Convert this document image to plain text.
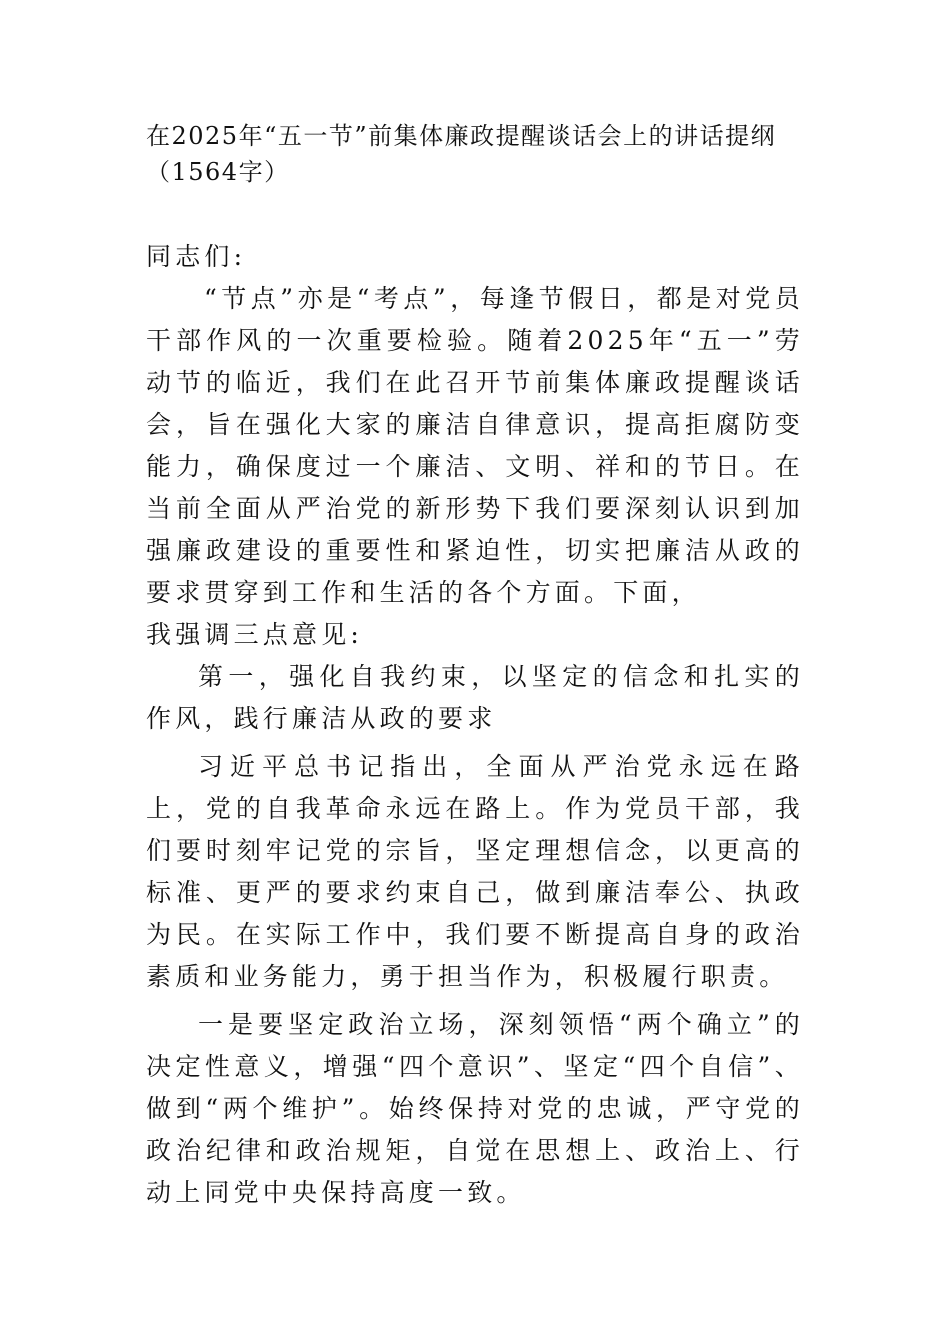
在2025年“五一节”前集体廉政提醒谈话会上的讲话提纲
（1564字）

同志们:

“节点”亦是“考点”，每逢节假日，都是对党员干部作风的一次重要检验。随着2025年“五一”劳动节的临近，我们在此召开节前集体廉政提醒谈话会，旨在强化大家的廉洁自律意识，提高拒腐防变能力，确保度过一个廉洁、文明、祥和的节日。在当前全面从严治党的新形势下我们要深刻认识到加强廉政建设的重要性和紧迫性，切实把廉洁从政的要求贯穿到工作和生活的各个方面。下面，

我强调三点意见:

第一，强化自我约束，以坚定的信念和扎实的作风，践行廉洁从政的要求

习近平总书记指出，全面从严治党永远在路上，党的自我革命永远在路上。作为党员干部，我们要时刻牢记党的宗旨，坚定理想信念，以更高的标准、更严的要求约束自己，做到廉洁奉公、执政为民。在实际工作中，我们要不断提高自身的政治素质和业务能力，勇于担当作为，积极履行职责。

一是要坚定政治立场，深刻领悟“两个确立”的决定性意义，增强“四个意识”、坚定“四个自信”、做到“两个维护”。始终保持对党的忠诚，严守党的政治纪律和政治规矩，自觉在思想上、政治上、行动上同党中央保持高度一致。
